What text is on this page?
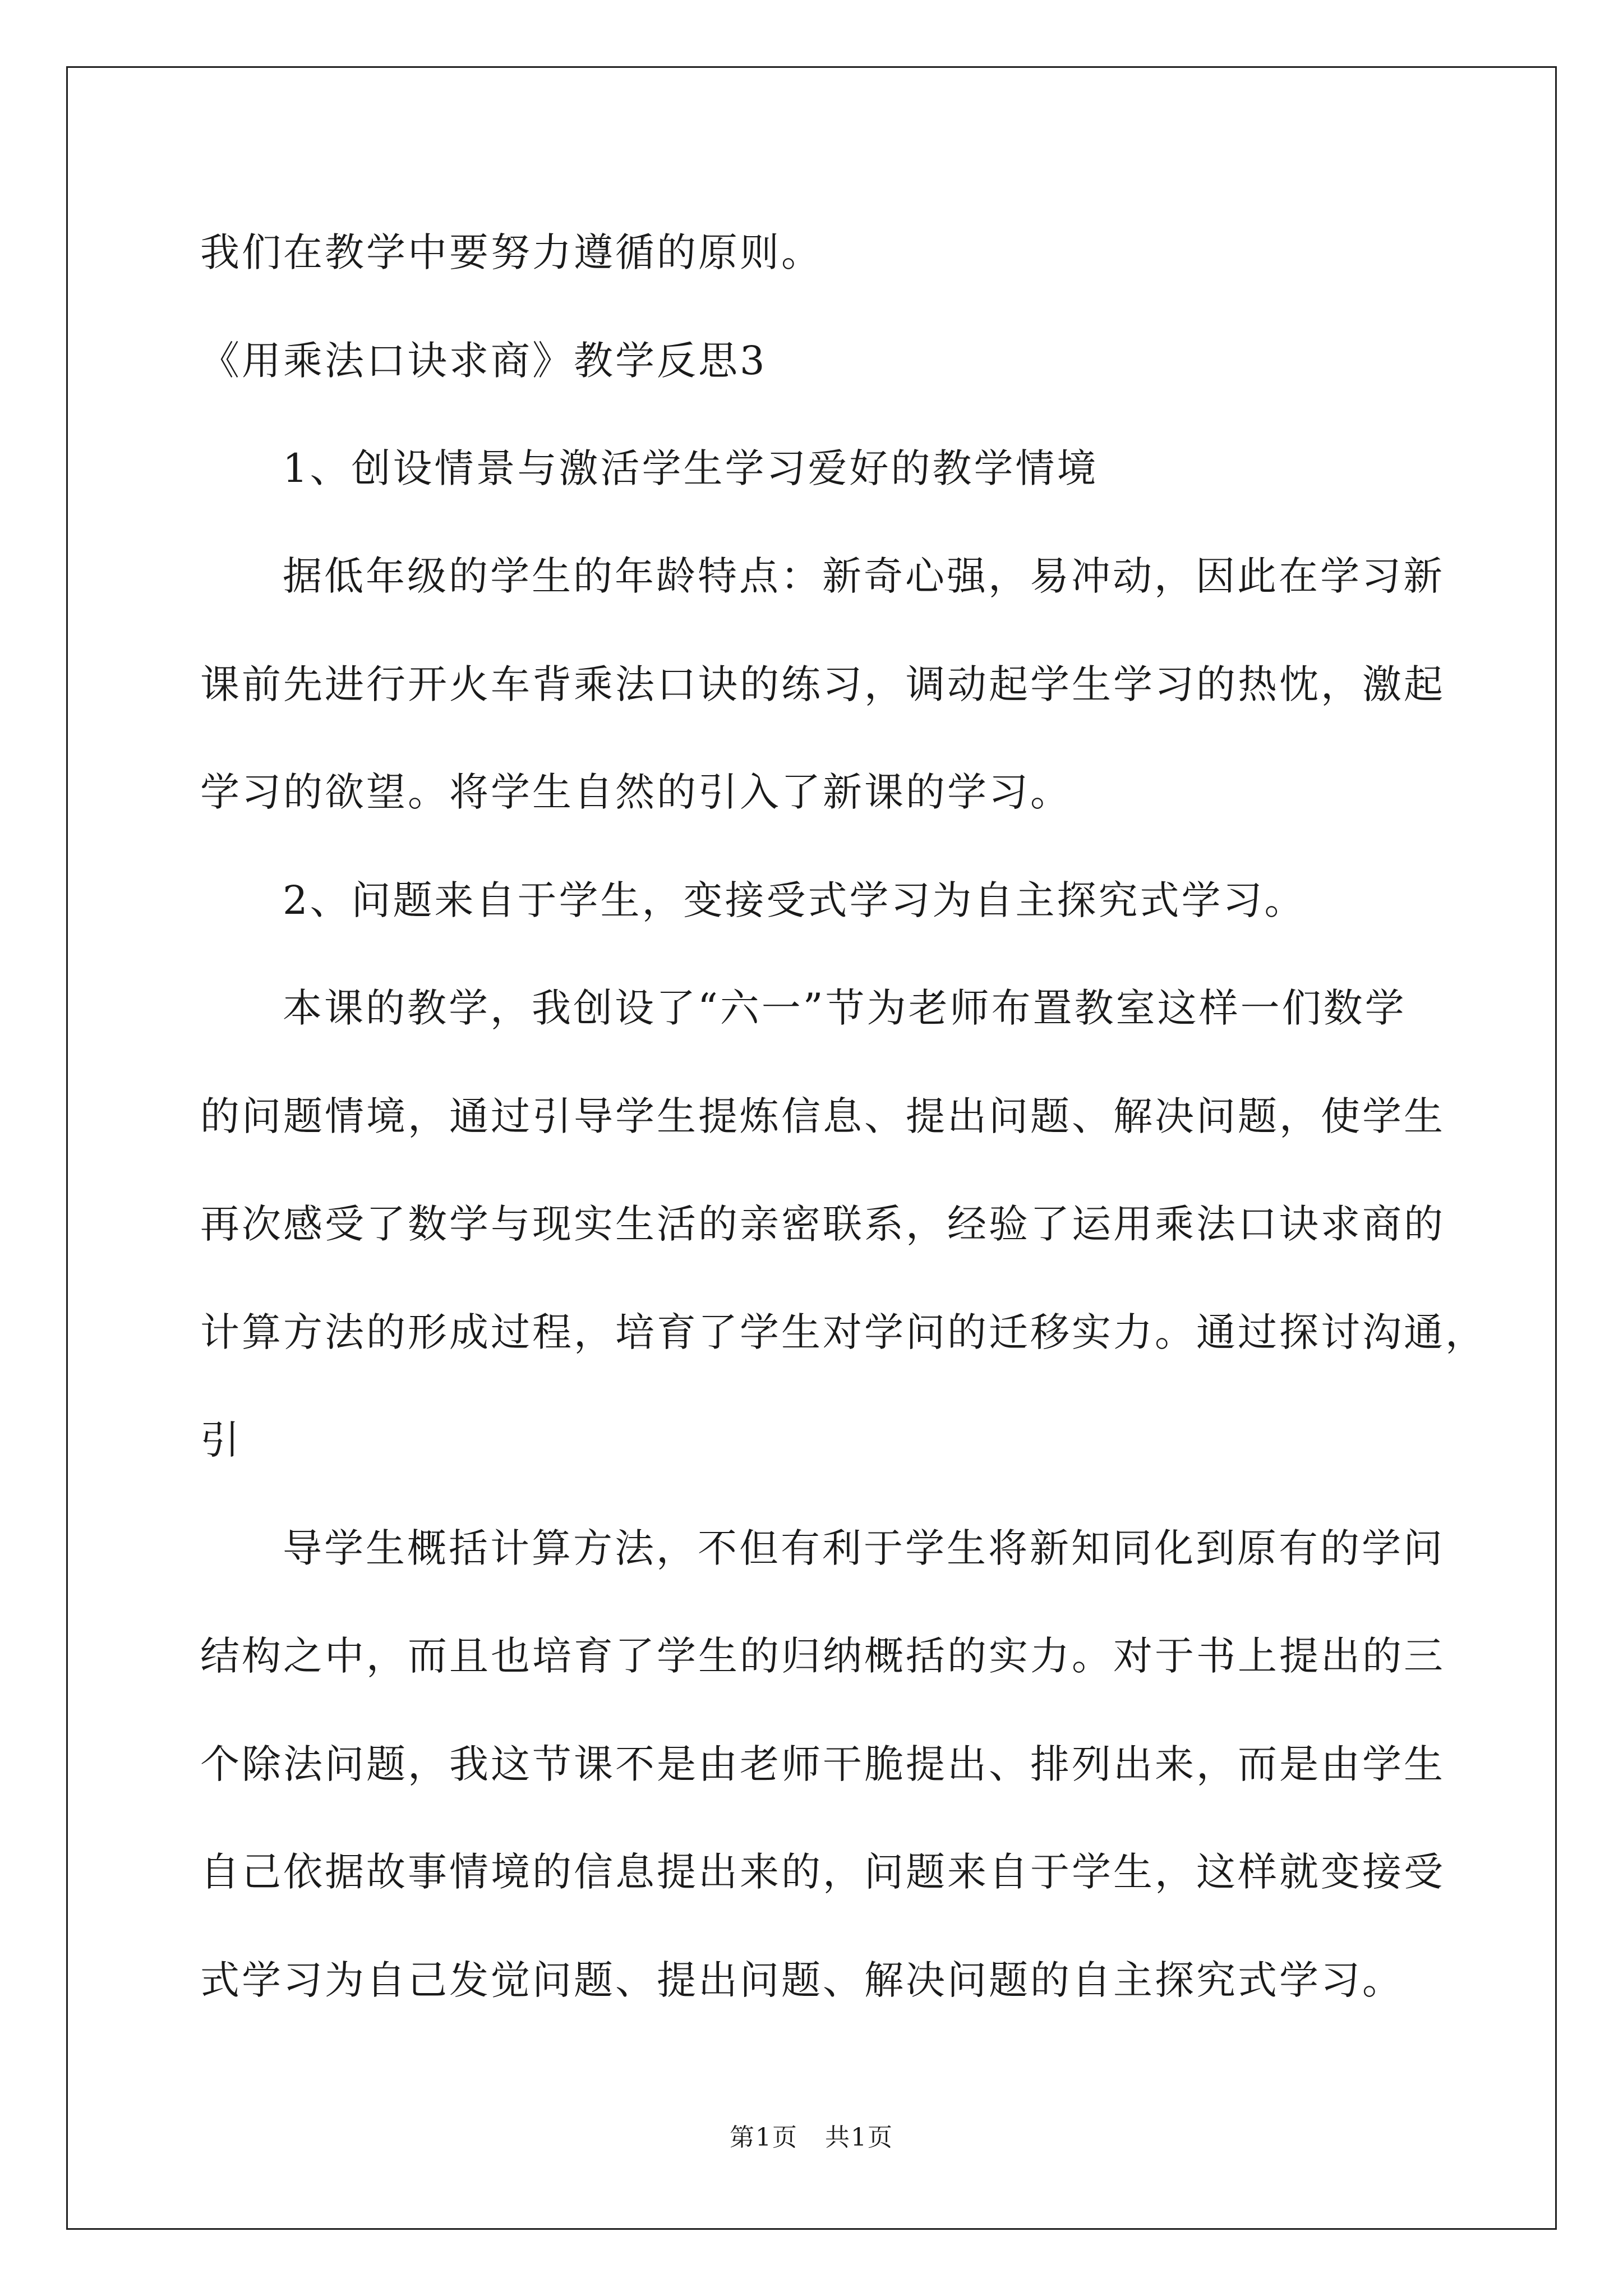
我们在教学中要努力遵循的原则。
《用乘法口诀求商》教学反思3
1、创设情景与激活学生学习爱好的教学情境
据低年级的学生的年龄特点：新奇心强，易冲动，因此在学习新
课前先进行开火车背乘法口诀的练习，调动起学生学习的热忱，激起
学习的欲望。将学生自然的引入了新课的学习。
2、问题来自于学生，变接受式学习为自主探究式学习。
本课的教学，我创设了“六一”节为老师布置教室这样一们数学
的问题情境，通过引导学生提炼信息、提出问题、解决问题，使学生
再次感受了数学与现实生活的亲密联系，经验了运用乘法口诀求商的
计算方法的形成过程，培育了学生对学问的迁移实力。通过探讨沟通，
引
导学生概括计算方法，不但有利于学生将新知同化到原有的学问
结构之中，而且也培育了学生的归纳概括的实力。对于书上提出的三
个除法问题，我这节课不是由老师干脆提出、排列出来，而是由学生
自己依据故事情境的信息提出来的，问题来自于学生，这样就变接受
式学习为自己发觉问题、提出问题、解决问题的自主探究式学习。
第1页 共1页
